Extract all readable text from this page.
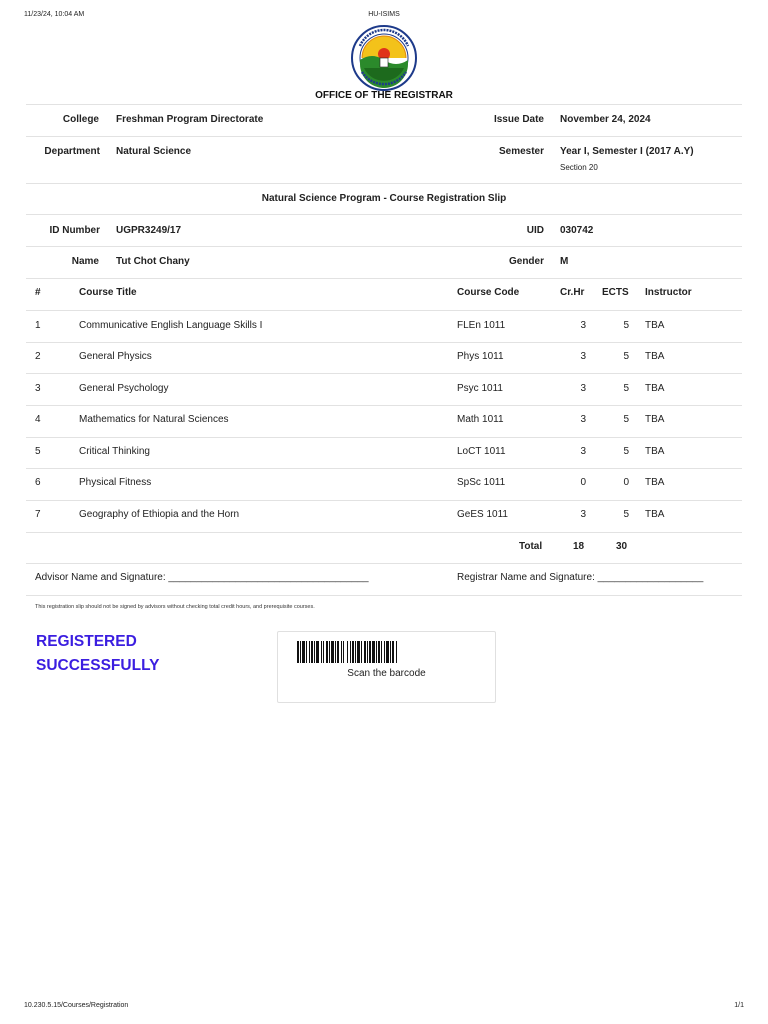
11/23/24, 10:04 AM	HU-ISIMS
OFFICE OF THE REGISTRAR
College Freshman Program Directorate	Issue Date November 24, 2024
Department Natural Science	Semester Year I, Semester I (2017 A.Y)
Section 20
Natural Science Program - Course Registration Slip
ID Number UGPR3249/17	UID 030742
Name Tut Chot Chany	Gender M
#	Course Title	Course Code	Cr.Hr ECTS Instructor
1	Communicative English Language Skills I	FLEn 1011	3	5 TBA
2	General Physics	Phys 1011	3	5 TBA
3	General Psychology	Psyc 1011	3	5 TBA
4	Mathematics for Natural Sciences	Math 1011	3	5 TBA
5	Critical Thinking	LoCT 1011	3	5 TBA
6	Physical Fitness	SpSc 1011	0	0 TBA
7	Geography of Ethiopia and the Horn	GeES 1011	3	5 TBA
Total	18	30
Advisor Name and Signature: ____________________________________	Registrar Name and Signature: ___________________
This registration slip should not be signed by advisors without checking total credit hours, and prerequisite courses.
REGISTERED
SUCCESSFULLY	Scan the barcode
10.230.5.15/Courses/Registration	1/1
